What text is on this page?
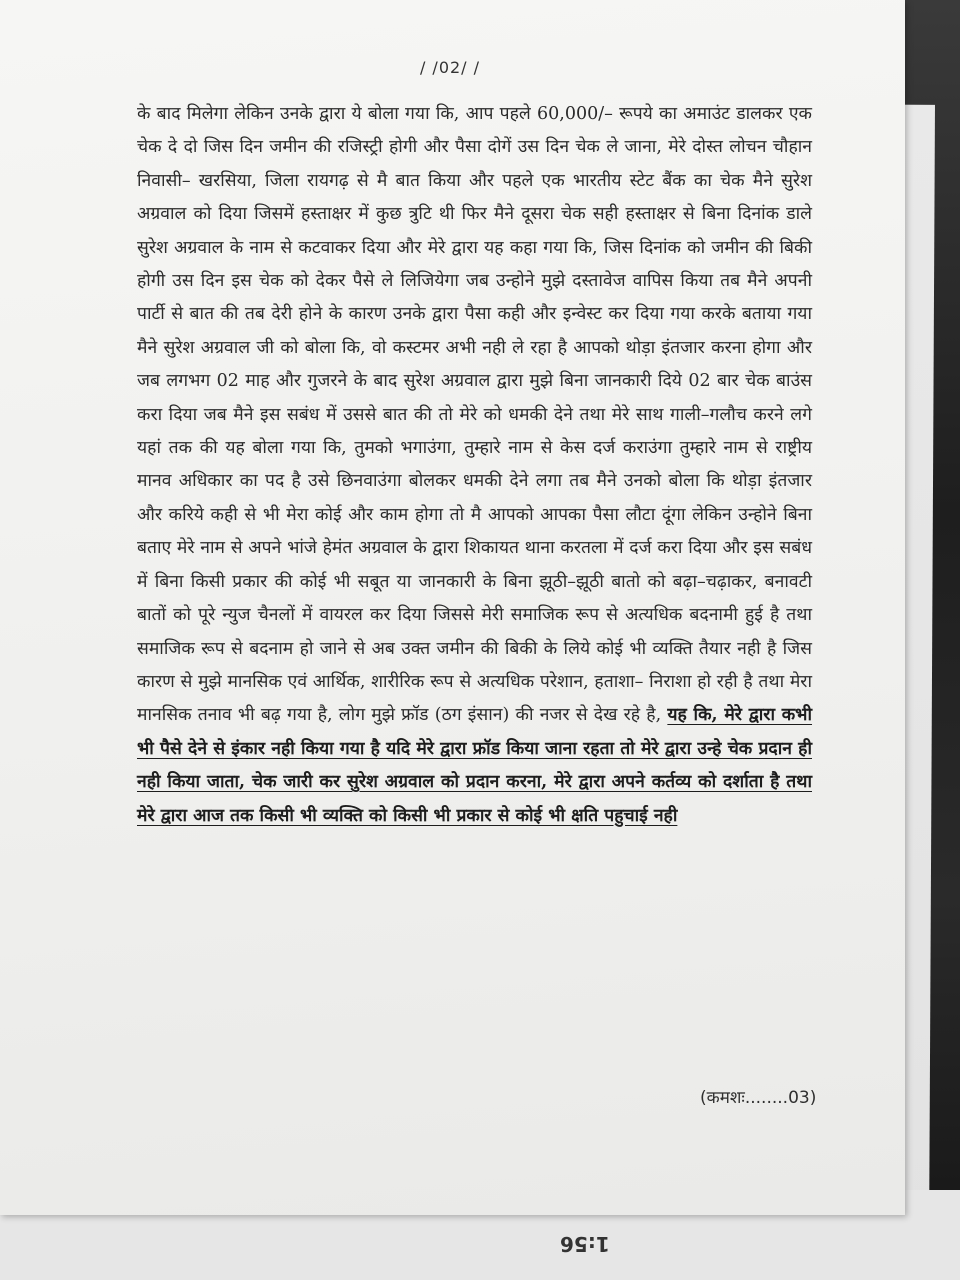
/ /02/ /

के बाद मिलेगा लेकिन उनके द्वारा ये बोला गया कि, आप पहले 60,000/– रूपये का अमाउंट डालकर एक चेक दे दो जिस दिन जमीन की रजिस्ट्री होगी और पैसा दोगें उस दिन चेक ले जाना, मेरे दोस्त लोचन चौहान निवासी– खरसिया, जिला रायगढ़ से मै बात किया और पहले एक भारतीय स्टेट बैंक का चेक मैने सुरेश अग्रवाल को दिया जिसमें हस्ताक्षर में कुछ त्रुटि थी फिर मैने दूसरा चेक सही हस्ताक्षर से बिना दिनांक डाले सुरेश अग्रवाल के नाम से कटवाकर दिया और मेरे द्वारा यह कहा गया कि, जिस दिनांक को जमीन की बिकी होगी उस दिन इस चेक को देकर पैसे ले लिजियेगा जब उन्होने मुझे दस्तावेज वापिस किया तब मैने अपनी पार्टी से बात की तब देरी होने के कारण उनके द्वारा पैसा कही और इन्वेस्ट कर दिया गया करके बताया गया मैने सुरेश अग्रवाल जी को बोला कि, वो कस्टमर अभी नही ले रहा है आपको थोड़ा इंतजार करना होगा और जब लगभग 02 माह और गुजरने के बाद सुरेश अग्रवाल द्वारा मुझे बिना जानकारी दिये 02 बार चेक बाउंस करा दिया जब मैने इस सबंध में उससे बात की तो मेरे को धमकी देने तथा मेरे साथ गाली–गलौच करने लगे यहां तक की यह बोला गया कि, तुमको भगाउंगा, तुम्हारे नाम से केस दर्ज कराउंगा तुम्हारे नाम से राष्ट्रीय मानव अधिकार का पद है उसे छिनवाउंगा बोलकर धमकी देने लगा तब मैने उनको बोला कि थोड़ा इंतजार और करिये कही से भी मेरा कोई और काम होगा तो मै आपको आपका पैसा लौटा दूंगा लेकिन उन्होने बिना बताए मेरे नाम से अपने भांजे हेमंत अग्रवाल के द्वारा शिकायत थाना करतला में दर्ज करा दिया और इस सबंध में बिना किसी प्रकार की कोई भी सबूत या जानकारी के बिना झूठी–झूठी बातो को बढ़ा–चढ़ाकर, बनावटी बातों को पूरे न्युज चैनलों में वायरल कर दिया जिससे मेरी समाजिक रूप से अत्यधिक बदनामी हुई है तथा समाजिक रूप से बदनाम हो जाने से अब उक्त जमीन की बिकी के लिये कोई भी व्यक्ति तैयार नही है जिस कारण से मुझे मानसिक एवं आर्थिक, शारीरिक रूप से अत्यधिक परेशान, हताशा– निराशा हो रही है तथा मेरा मानसिक तनाव भी बढ़ गया है, लोग मुझे फ्रॉड (ठग इंसान) की नजर से देख रहे है, यह कि, मेरे द्वारा कभी भी पैसे देने से इंकार नही किया गया है यदि मेरे द्वारा फ्रॉड किया जाना रहता तो मेरे द्वारा उन्हे चेक प्रदान ही नही किया जाता, चेक जारी कर सुरेश अग्रवाल को प्रदान करना, मेरे द्वारा अपने कर्तव्य को दर्शाता है तथा मेरे द्वारा आज तक किसी भी व्यक्ति को किसी भी प्रकार से कोई भी क्षति पहुचाई नही

(कमशः........03)
1:56
